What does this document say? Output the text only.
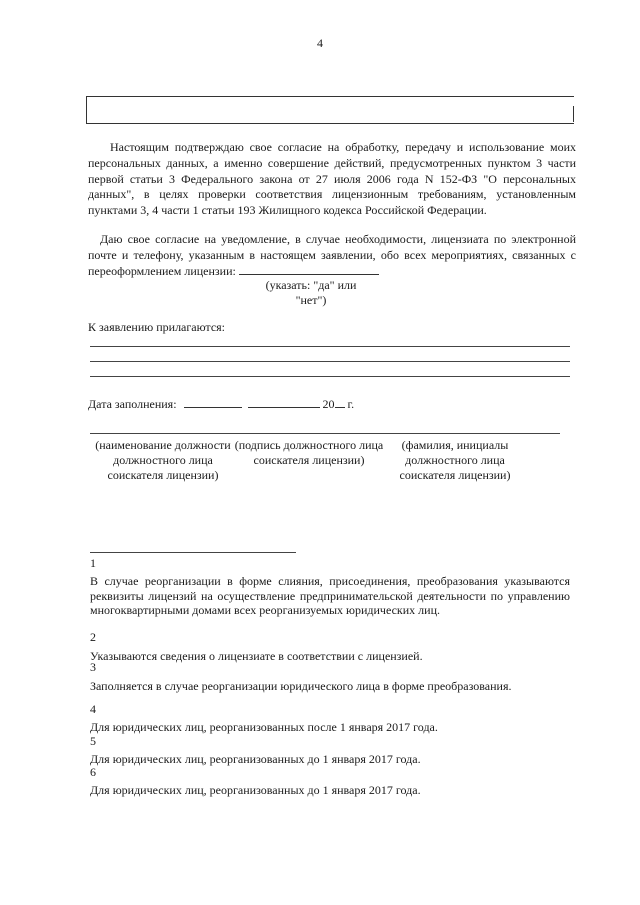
4
Настоящим подтверждаю свое согласие на обработку, передачу и использование моих персональных данных, а именно совершение действий, предусмотренных пунктом 3 части первой статьи 3 Федерального закона от 27 июля 2006 года N 152-ФЗ "О персональных данных", в целях проверки соответствия лицензионным требованиям, установленным пунктами 3, 4 части 1 статьи 193 Жилищного кодекса Российской Федерации.
Даю свое согласие на уведомление, в случае необходимости, лицензиата по электронной почте и телефону, указанным в настоящем заявлении, обо всех мероприятиях, связанных с переоформлением лицензии:
(указать: "да" или "нет")
К заявлению прилагаются:
Дата заполнения:	20 г.
(наименование должности должностного лица соискателя лицензии)
(подпись должностного лица соискателя лицензии)
(фамилия, инициалы должностного лица соискателя лицензии)
1
В случае реорганизации в форме слияния, присоединения, преобразования указываются реквизиты лицензий на осуществление предпринимательской деятельности по управлению многоквартирными домами всех реорганизуемых юридических лиц.
2
Указываются сведения о лицензиате в соответствии с лицензией.
3
Заполняется в случае реорганизации юридического лица в форме преобразования.
4
Для юридических лиц, реорганизованных после 1 января 2017 года.
5
Для юридических лиц, реорганизованных до 1 января 2017 года.
6
Для юридических лиц, реорганизованных до 1 января 2017 года.
